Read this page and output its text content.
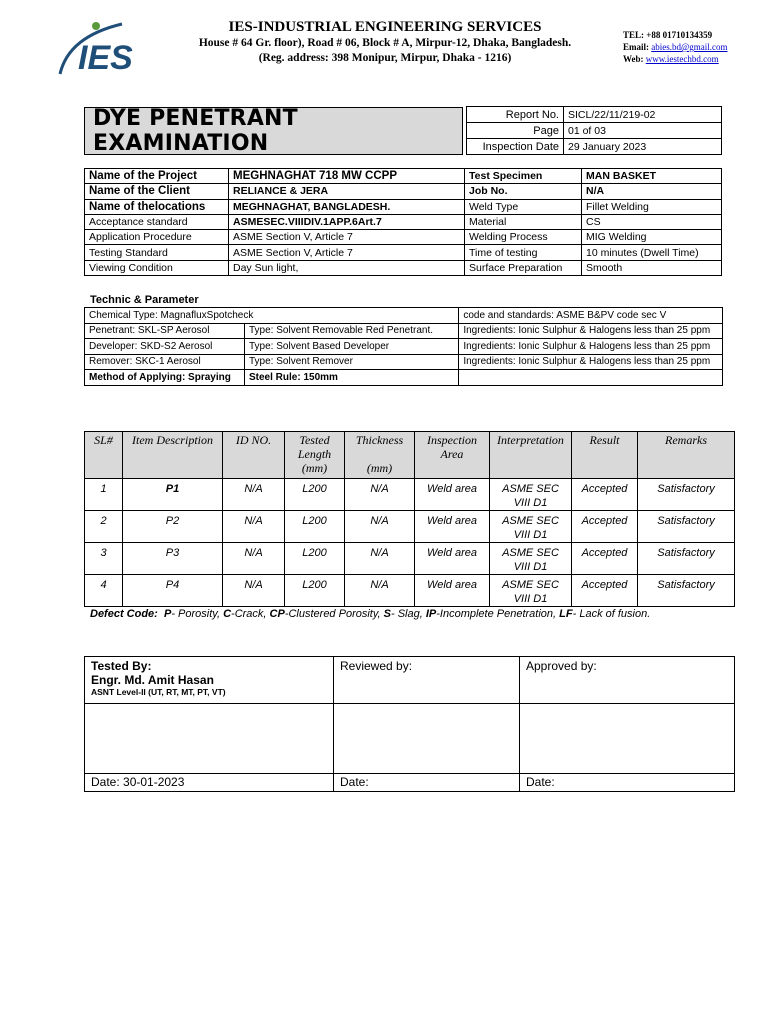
IES
IES-INDUSTRIAL ENGINEERING SERVICES
House # 64 Gr. floor), Road # 06, Block # A, Mirpur-12, Dhaka, Bangladesh.
(Reg. address: 398 Monipur, Mirpur, Dhaka - 1216)
TEL: +88 01710134359
Email: abies.bd@gmail.com
Web: www.iestechbd.com
DYE PENETRANT EXAMINATION
Report No.	SICL/22/11/219-02
Page	01 of 03
Inspection Date	29 January 2023
Name of the Project	MEGHNAGHAT 718 MW CCPP	Test Specimen	MAN BASKET
Name of the Client	RELIANCE & JERA	Job No.	N/A
Name of thelocations	MEGHNAGHAT, BANGLADESH.	Weld Type	Fillet Welding
Acceptance standard	ASMESEC.VIIIDIV.1APP.6Art.7	Material	CS
Application Procedure	ASME Section V, Article 7	Welding Process	MIG Welding
Testing Standard	ASME Section V, Article 7	Time of testing	10 minutes (Dwell Time)
Viewing Condition	Day Sun light,	Surface Preparation	Smooth
Technic & Parameter
Chemical Type: MagnafluxSpotcheck		code and standards: ASME B&PV code sec V
Penetrant: SKL-SP Aerosol	Type: Solvent Removable Red Penetrant.	Ingredients: Ionic Sulphur & Halogens less than 25 ppm
Developer: SKD-S2 Aerosol	Type: Solvent Based Developer	Ingredients: Ionic Sulphur & Halogens less than 25 ppm
Remover: SKC-1 Aerosol	Type: Solvent Remover	Ingredients: Ionic Sulphur & Halogens less than 25 ppm
Method of Applying: Spraying	Steel Rule: 150mm	
SL#	Item Description	ID NO.	Tested
Length
(mm)	Thickness

(mm)	Inspection
Area	Interpretation	Result	Remarks
1	P1	N/A	L200	N/A	Weld area	ASME SEC
VIII D1	Accepted	Satisfactory
2	P2	N/A	L200	N/A	Weld area	ASME SEC
VIII D1	Accepted	Satisfactory
3	P3	N/A	L200	N/A	Weld area	ASME SEC
VIII D1	Accepted	Satisfactory
4	P4	N/A	L200	N/A	Weld area	ASME SEC
VIII D1	Accepted	Satisfactory
Defect Code: P- Porosity, C-Crack, CP-Clustered Porosity, S- Slag, IP-Incomplete Penetration, LF- Lack of fusion.
Tested By:
Engr. Md. Amit Hasan
ASNT Level-II (UT, RT, MT, PT, VT)	Reviewed by:	Approved by:

Date: 30-01-2023	Date:	Date:
